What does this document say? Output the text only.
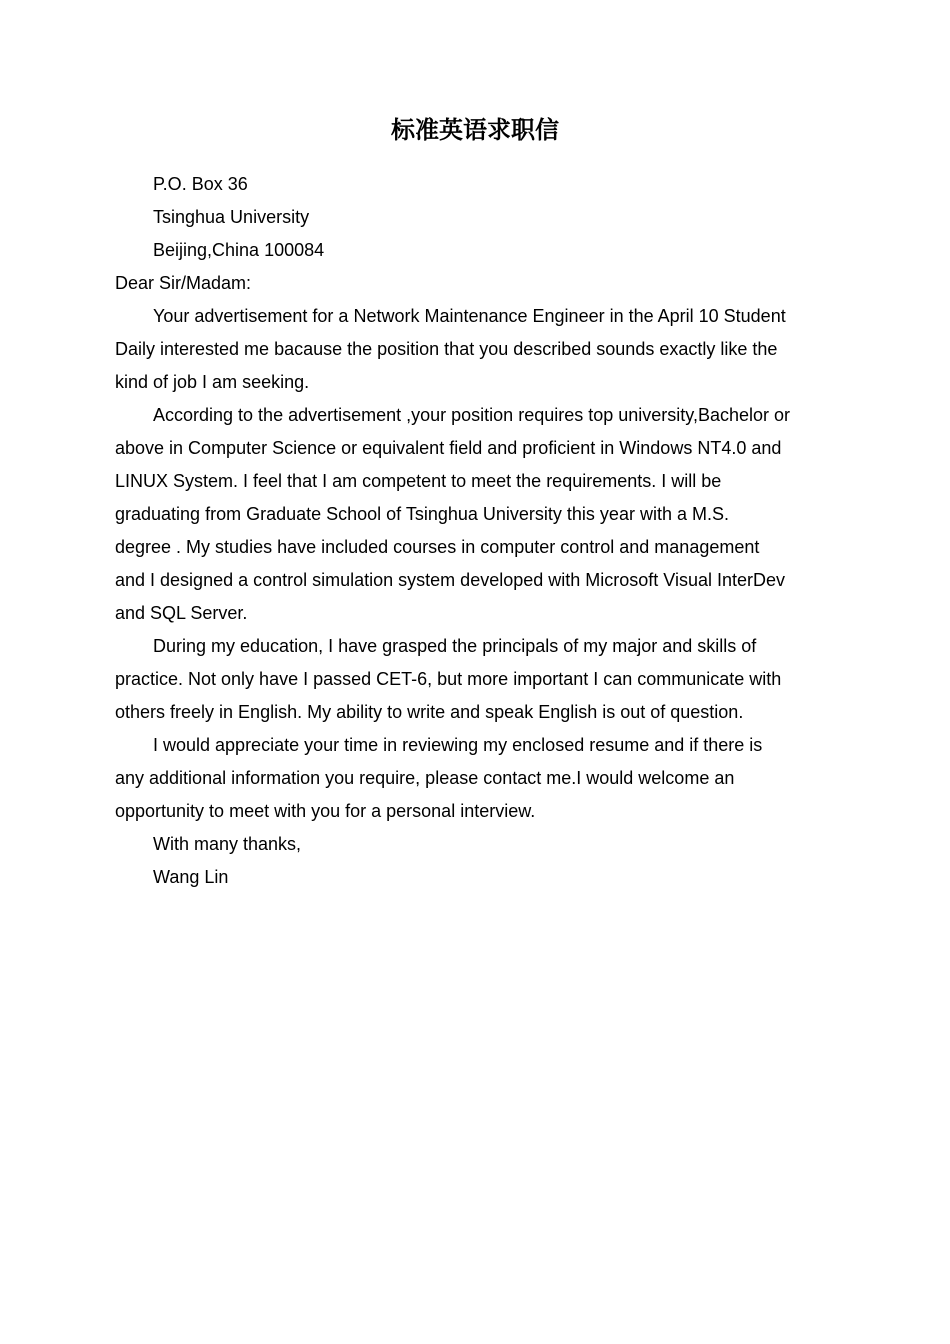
标准英语求职信
P.O. Box 36
Tsinghua University
Beijing,China 100084
Dear Sir/Madam:
Your advertisement for a Network Maintenance Engineer in the April 10 Student
Daily interested me bacause the position that you described sounds exactly like the
kind of job I am seeking.
According to the advertisement ,your position requires top university,Bachelor or
above in Computer Science or equivalent field and proficient in Windows NT4.0 and
LINUX System. I feel that I am competent to meet the requirements. I will be
graduating from Graduate School of Tsinghua University this year with a M.S.
degree . My studies have included courses in computer control and management
and I designed a control simulation system developed with Microsoft Visual InterDev
and SQL Server.
During my education, I have grasped the principals of my major and skills of
practice. Not only have I passed CET-6, but more important I can communicate with
others freely in English. My ability to write and speak English is out of question.
I would appreciate your time in reviewing my enclosed resume and if there is
any additional information you require, please contact me.I would welcome an
opportunity to meet with you for a personal interview.
With many thanks,
Wang Lin
